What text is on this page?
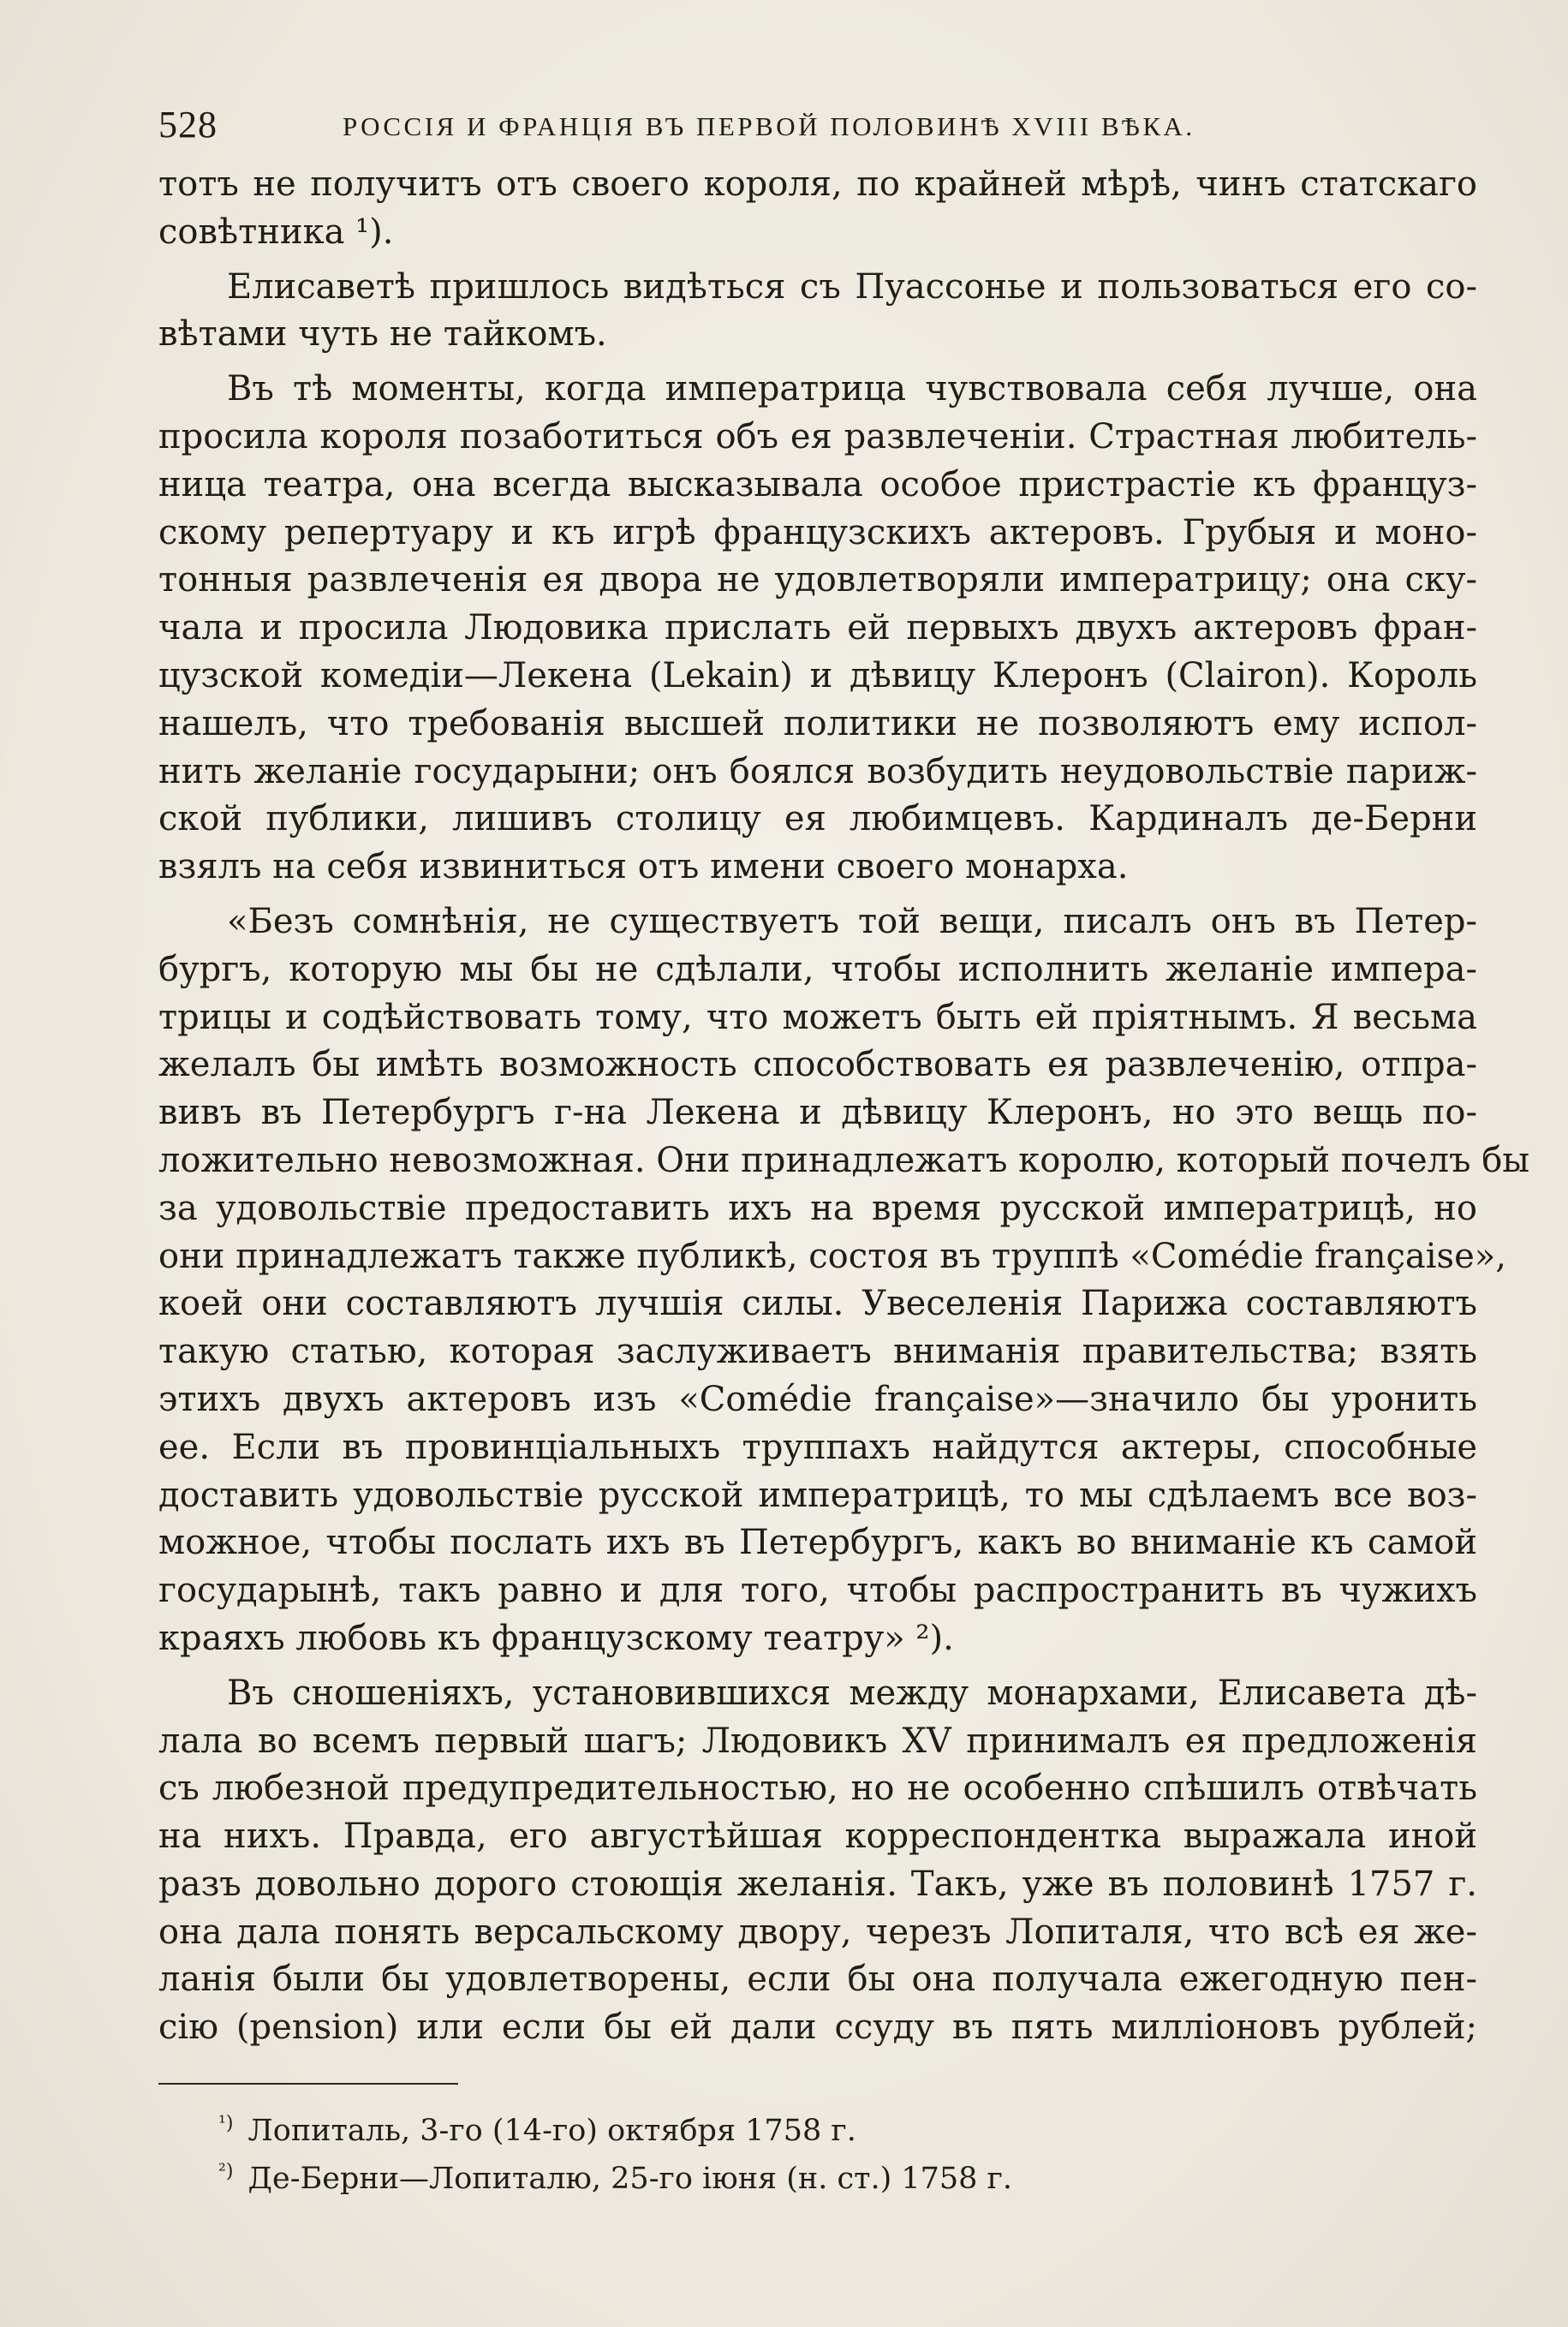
528	РОССІЯ И ФРАНЦІЯ ВЪ ПЕРВОЙ ПОЛОВИНѢ XVIII ВѢКА.
тотъ не получитъ отъ своего короля, по крайней мѣрѣ, чинъ статскаго
совѣтника ¹).
Елисаветѣ пришлось видѣться съ Пуассонье и пользоваться его со-
вѣтами чуть не тайкомъ.
Въ тѣ моменты, когда императрица чувствовала себя лучше, она
просила короля позаботиться объ ея развлеченіи. Страстная любитель-
ница театра, она всегда высказывала особое пристрастіе къ француз-
скому репертуару и къ игрѣ французскихъ актеровъ. Грубыя и моно-
тонныя развлеченія ея двора не удовлетворяли императрицу; она ску-
чала и просила Людовика прислать ей первыхъ двухъ актеровъ фран-
цузской комедіи—Лекена (Lekain) и дѣвицу Клеронъ (Clairon). Король
нашелъ, что требованія высшей политики не позволяютъ ему испол-
нить желаніе государыни; онъ боялся возбудить неудовольствіе париж-
ской публики, лишивъ столицу ея любимцевъ. Кардиналъ де-Берни
взялъ на себя извиниться отъ имени своего монарха.
«Безъ сомнѣнія, не существуетъ той вещи, писалъ онъ въ Петер-
бургъ, которую мы бы не сдѣлали, чтобы исполнить желаніе импера-
трицы и содѣйствовать тому, что можетъ быть ей пріятнымъ. Я весьма
желалъ бы имѣть возможность способствовать ея развлеченію, отпра-
вивъ въ Петербургъ г-на Лекена и дѣвицу Клеронъ, но это вещь по-
ложительно невозможная. Они принадлежатъ королю, который почелъ бы
за удовольствіе предоставить ихъ на время русской императрицѣ, но
они принадлежатъ также публикѣ, состоя въ труппѣ «Comédie française»,
коей они составляютъ лучшія силы. Увеселенія Парижа составляютъ
такую статью, которая заслуживаетъ вниманія правительства; взять
этихъ двухъ актеровъ изъ «Comédie française»—значило бы уронить
ее. Если въ провинціальныхъ труппахъ найдутся актеры, способные
доставить удовольствіе русской императрицѣ, то мы сдѣлаемъ все воз-
можное, чтобы послать ихъ въ Петербургъ, какъ во вниманіе къ самой
государынѣ, такъ равно и для того, чтобы распространить въ чужихъ
краяхъ любовь къ французскому театру» ²).
Въ сношеніяхъ, установившихся между монархами, Елисавета дѣ-
лала во всемъ первый шагъ; Людовикъ XV принималъ ея предложенія
съ любезной предупредительностью, но не особенно спѣшилъ отвѣчать
на нихъ. Правда, его августѣйшая корреспондентка выражала иной
разъ довольно дорого стоющія желанія. Такъ, уже въ половинѣ 1757 г.
она дала понять версальскому двору, черезъ Лопиталя, что всѣ ея же-
ланія были бы удовлетворены, если бы она получала ежегодную пен-
сію (pension) или если бы ей дали ссуду въ пять милліоновъ рублей;
$^{^1)}$ Лопиталь, 3-го (14-го) октября 1758 г.
$^{^2)}$ Де-Берни—Лопиталю, 25-го іюня (н. ст.) 1758 г.
